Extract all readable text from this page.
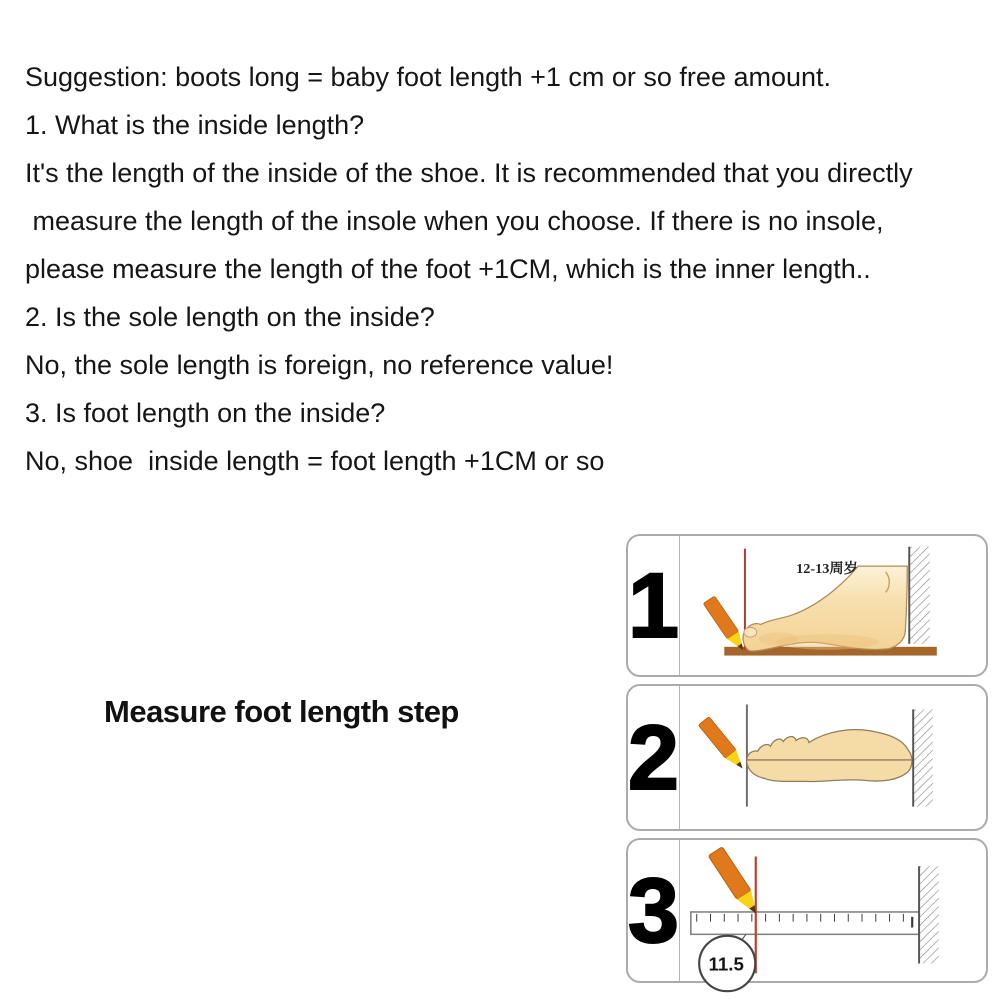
Suggestion: boots long = baby foot length +1 cm or so free amount.

1. What is the inside length?

It's the length of the inside of the shoe. It is recommended that you directly

measure the length of the insole when you choose. If there is no insole,

please measure the length of the foot +1CM, which is the inner length..

2. Is the sole length on the inside?

No, the sole length is foreign, no reference value!

3. Is foot length on the inside?

No, shoe  inside length = foot length +1CM or so

Measure foot length step
1	12-13周岁
2
3
11.5
